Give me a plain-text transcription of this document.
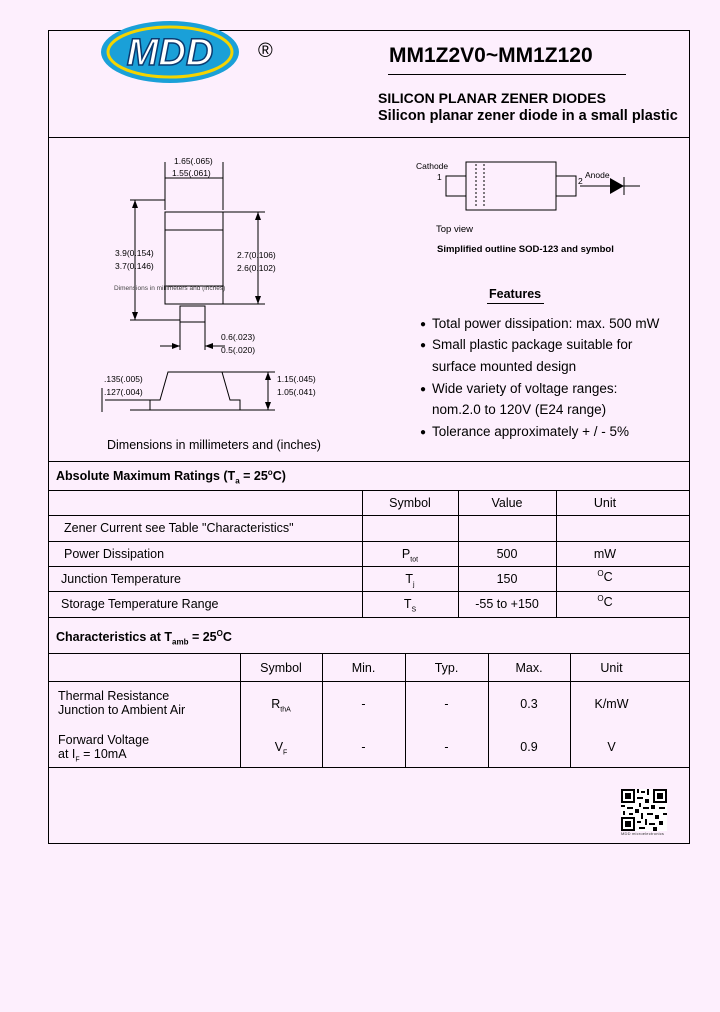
MDD ®	MM1Z2V0~MM1Z120
SILICON PLANAR ZENER DIODES
Silicon planar zener diode in a small plastic
1.65(.065)
1.55(.061)
3.9(0.154)
3.7(0.146)
2.7(0.106)
2.6(0.102)
0.6(.023)
0.5(.020)
.135(.005)
.127(.004)
1.15(.045)
1.05(.041)
Dimensions in millimeters and (inches)
Dimensions in millimeters and (inches)
Cathode
1	Anode
2
Top view
Simplified outline SOD-123 and symbol
Features
● Total power dissipation: max. 500 mW
● Small plastic package suitable for
surface mounted design
● Wide variety of voltage ranges:
nom.2.0 to 120V (E24 range)
● Tolerance approximately + / - 5%
Absolute Maximum Ratings $(T_a = 25^oC)$
Symbol	Value	Unit
Zener Current see Table "Characteristics"
Power Dissipation	$P_{tot}$	500	mW
Junction Temperature	$T_j$	150	$^O$C
Storage Temperature Range	$T_S$	-55 to +150	$^O$C
Characteristics at $T_{amb} = 25^OC$
Symbol	Min.	Typ.	Max.	Unit
Thermal Resistance
Junction to Ambient Air	$R_{thA}$	-	-	0.3	K/mW
Forward Voltage
at $I_F = 10mA$	$V_F$	-	-	0.9	V
MDD microelectronics
